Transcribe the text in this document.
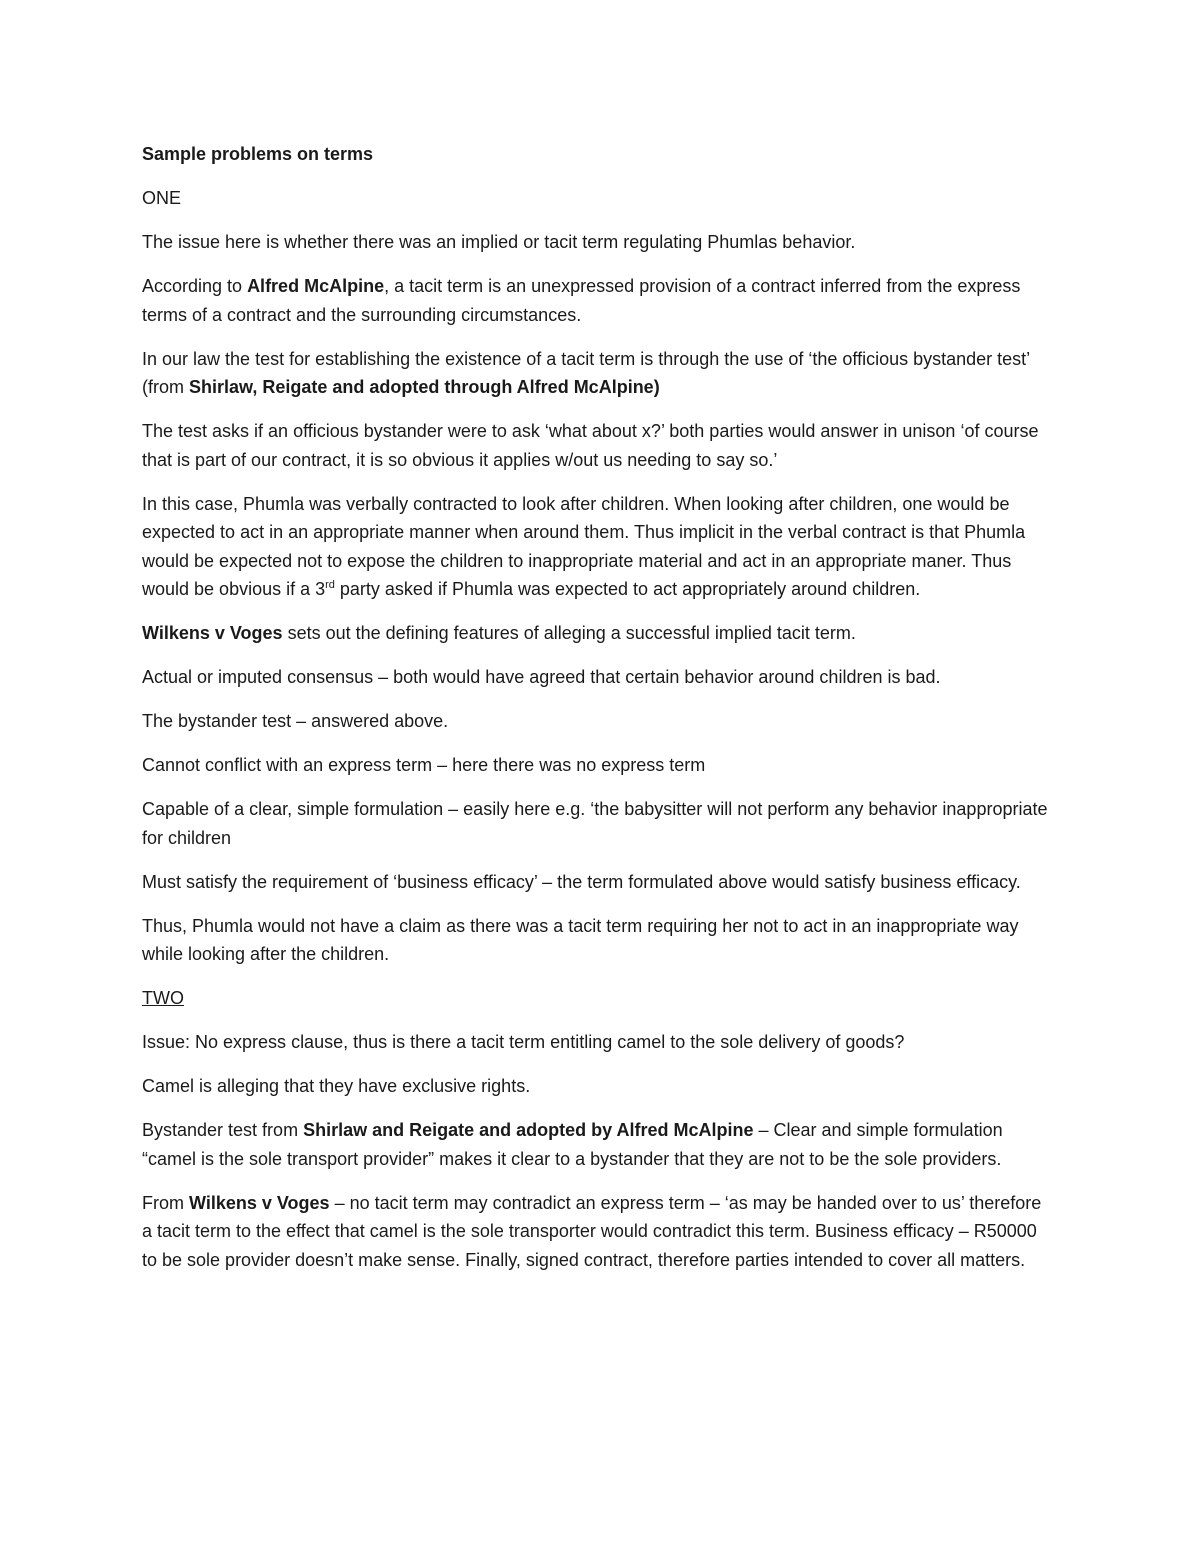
Sample problems on terms

ONE

The issue here is whether there was an implied or tacit term regulating Phumlas behavior.

According to Alfred McAlpine, a tacit term is an unexpressed provision of a contract inferred from the express terms of a contract and the surrounding circumstances.

In our law the test for establishing the existence of a tacit term is through the use of ‘the officious bystander test’ (from Shirlaw, Reigate and adopted through Alfred McAlpine)

The test asks if an officious bystander were to ask ‘what about x?’ both parties would answer in unison ‘of course that is part of our contract, it is so obvious it applies w/out us needing to say so.’

In this case, Phumla was verbally contracted to look after children. When looking after children, one would be expected to act in an appropriate manner when around them. Thus implicit in the verbal contract is that Phumla would be expected not to expose the children to inappropriate material and act in an appropriate maner. Thus would be obvious if a 3rd party asked if Phumla was expected to act appropriately around children.

Wilkens v Voges sets out the defining features of alleging a successful implied tacit term.

Actual or imputed consensus – both would have agreed that certain behavior around children is bad.

The bystander test – answered above.

Cannot conflict with an express term – here there was no express term

Capable of a clear, simple formulation – easily here e.g. ‘the babysitter will not perform any behavior inappropriate for children

Must satisfy the requirement of ‘business efficacy’ – the term formulated above would satisfy business efficacy.

Thus, Phumla would not have a claim as there was a tacit term requiring her not to act in an inappropriate way while looking after the children.

TWO

Issue: No express clause, thus is there a tacit term entitling camel to the sole delivery of goods?

Camel is alleging that they have exclusive rights.

Bystander test from Shirlaw and Reigate and adopted by Alfred McAlpine – Clear and simple formulation “camel is the sole transport provider” makes it clear to a bystander that they are not to be the sole providers.

From Wilkens v Voges – no tacit term may contradict an express term – ‘as may be handed over to us’ therefore a tacit term to the effect that camel is the sole transporter would contradict this term. Business efficacy – R50000 to be sole provider doesn’t make sense. Finally, signed contract, therefore parties intended to cover all matters.
